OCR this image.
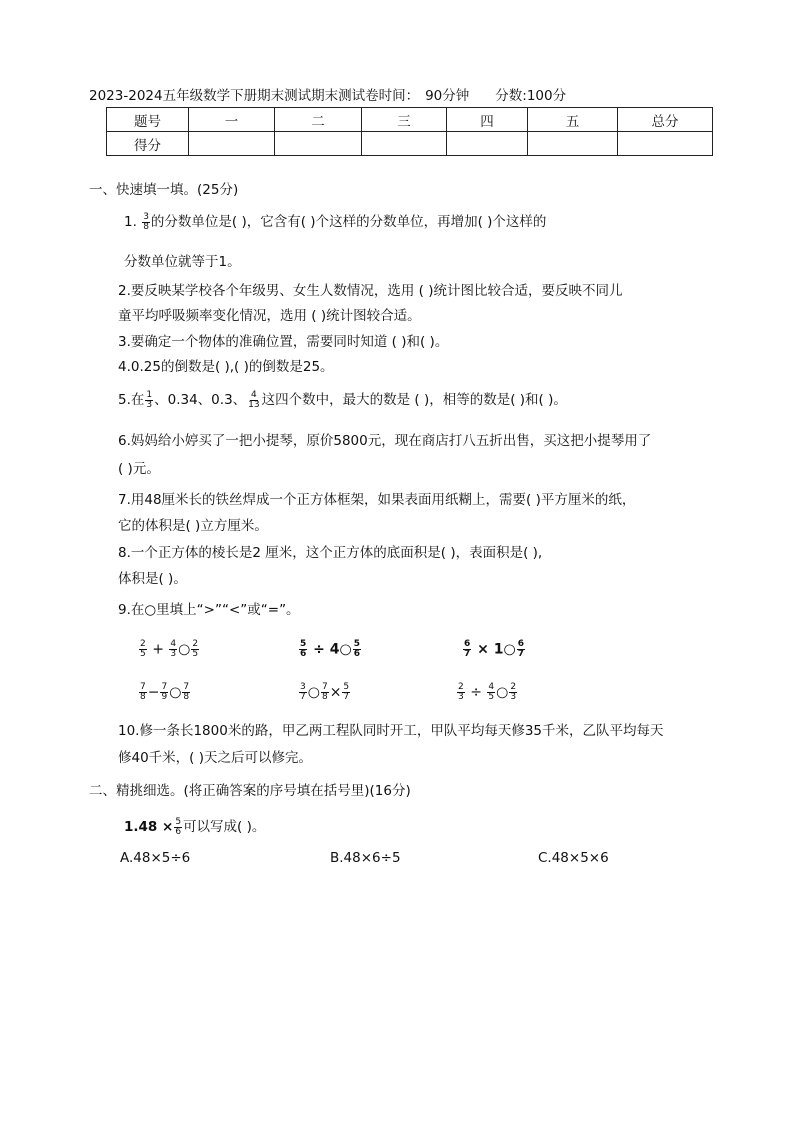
2023-2024五年级数学下册期末测试期末测试卷时间： 90分钟 分数:100分
题号	一	二	三	四	五	总分
得分						
一、快速填一填。(25分)
1. $\frac{3}{8}$ 的分数单位是( )，它含有( )个这样的分数单位，再增加( )个这样的
分数单位就等于1。
2.要反映某学校各个年级男、女生人数情况，选用 ( )统计图比较合适，要反映不同儿
童平均呼吸频率变化情况，选用 ( )统计图较合适。
3.要确定一个物体的准确位置，需要同时知道 ( )和( )。
4.0.25的倒数是( ),( )的倒数是25。
5.在 $\frac{1}{3}$ 、0.34、0.3、 $\frac{4}{13}$ 这四个数中，最大的数是 ( )，相等的数是( )和( )。
6.妈妈给小婷买了一把小提琴，原价5800元，现在商店打八五折出售，买这把小提琴用了
( )元。
7.用48厘米长的铁丝焊成一个正方体框架，如果表面用纸糊上，需要( )平方厘米的纸，
它的体积是( )立方厘米。
8.一个正方体的棱长是2 厘米，这个正方体的底面积是( )，表面积是( ),
体积是( )。
9.在○里填上“>”“<”或“=”。
$\frac{2}{5} + \frac{4}{3}$ ○ $\frac{2}{5}$	$\frac{5}{6}$ ÷ 4○ $\frac{5}{6}$	$\frac{6}{7}$ × 1○ $\frac{6}{7}$
$\frac{7}{8} - \frac{7}{9}$ ○ $\frac{7}{8}$	$\frac{3}{7}$ ○ $\frac{7}{8} \times \frac{5}{7}$	$\frac{2}{3} \div \frac{4}{5}$ ○ $\frac{2}{3}$
10.修一条长1800米的路，甲乙两工程队同时开工，甲队平均每天修35千米，乙队平均每天
修40千米，( )天之后可以修完。
二、精挑细选。(将正确答案的序号填在括号里)(16分)
$1.48 \times \frac{5}{6}$ 可以写成( )。
A.48×5÷6	B.48×6÷5	C.48×5×6
